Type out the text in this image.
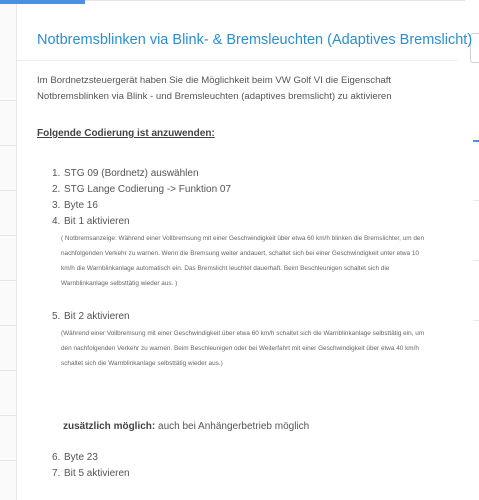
Notbremsblinken via Blink- & Bremsleuchten (Adaptives Bremslicht)

Im Bordnetzsteuergerät haben Sie die Möglichkeit beim VW Golf VI die Eigenschaft
Notbremsblinken via Blink - und Bremsleuchten (adaptives bremslicht) zu aktivieren

Folgende Codierung ist anzuwenden:
1. STG 09 (Bordnetz) auswählen
2. STG Lange Codierung -> Funktion 07
3. Byte 16
4. Bit 1 aktivieren
( Notbremsanzeige: Während einer Vollbremsung mit einer Geschwindigkeit über etwa 60 km/h blinken die Bremslichter, um den
nachfolgenden Verkehr zu warnen. Wenn die Bremsung weiter andauert, schaltet sich bei einer Geschwindigkeit unter etwa 10
km/h die Warnblinkanlage automatisch ein. Das Bremslicht leuchtet dauerhaft. Beim Beschleunigen schaltet sich die
Warnblinkanlage selbsttätig wieder aus. )
5. Bit 2 aktivieren
(Während einer Vollbremsung mit einer Geschwindigkeit über etwa 60 km/h schaltet sich die Warnblinkanlage selbsttätig ein, um
den nachfolgenden Verkehr zu warnen. Beim Beschleunigen oder bei Weiterfahrt mit einer Geschwindigkeit über etwa 40 km/h
schaltet sich die Warnblinkanlage selbsttätig wieder aus.)
zusätzlich möglich: auch bei Anhängerbetrieb möglich
6. Byte 23
7. Bit 5 aktivieren
